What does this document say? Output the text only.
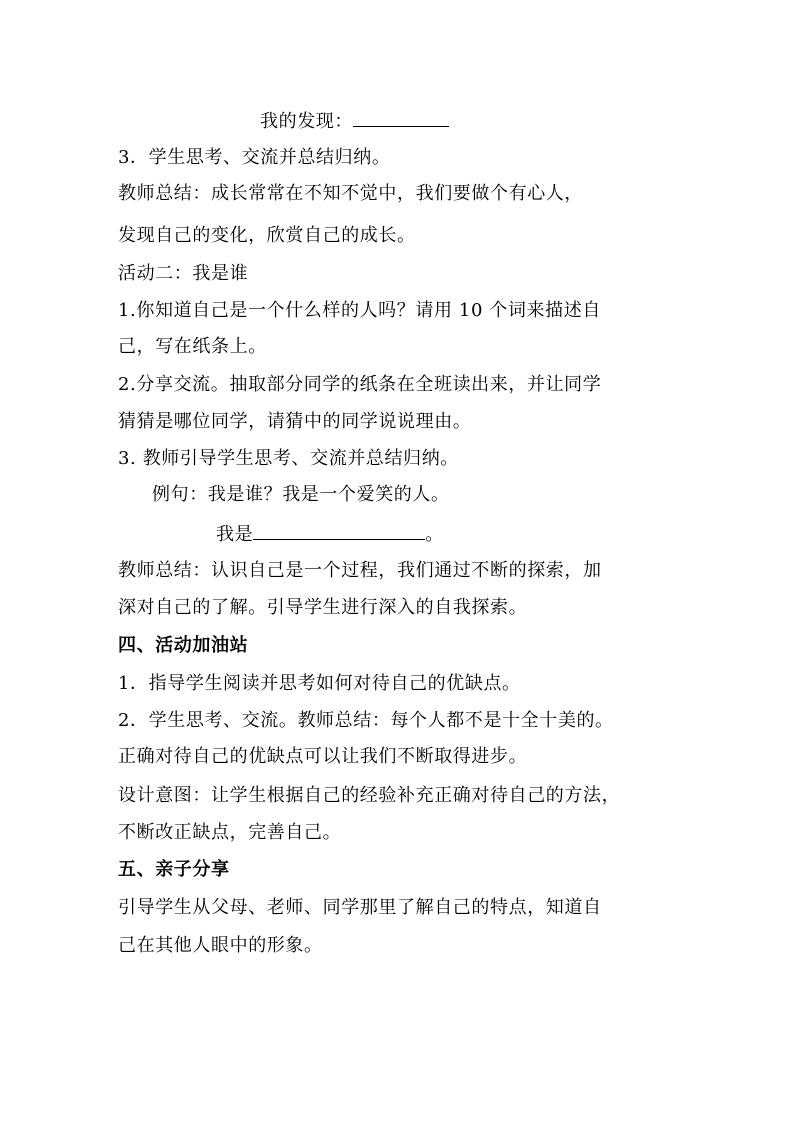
我的发现：
3．学生思考、交流并总结归纳。
教师总结：成长常常在不知不觉中，我们要做个有心人，
发现自己的变化，欣赏自己的成长。
活动二：我是谁
1.你知道自己是一个什么样的人吗？请用 10 个词来描述自
己，写在纸条上。
2.分享交流。抽取部分同学的纸条在全班读出来，并让同学
猜猜是哪位同学，请猜中的同学说说理由。
3. 教师引导学生思考、交流并总结归纳。
例句：我是谁？我是一个爱笑的人。
我是	。
教师总结：认识自己是一个过程，我们通过不断的探索，加
深对自己的了解。引导学生进行深入的自我探索。
四、活动加油站
1．指导学生阅读并思考如何对待自己的优缺点。
2．学生思考、交流。教师总结：每个人都不是十全十美的。
正确对待自己的优缺点可以让我们不断取得进步。
设计意图：让学生根据自己的经验补充正确对待自己的方法，
不断改正缺点，完善自己。
五、亲子分享
引导学生从父母、老师、同学那里了解自己的特点，知道自
己在其他人眼中的形象。
